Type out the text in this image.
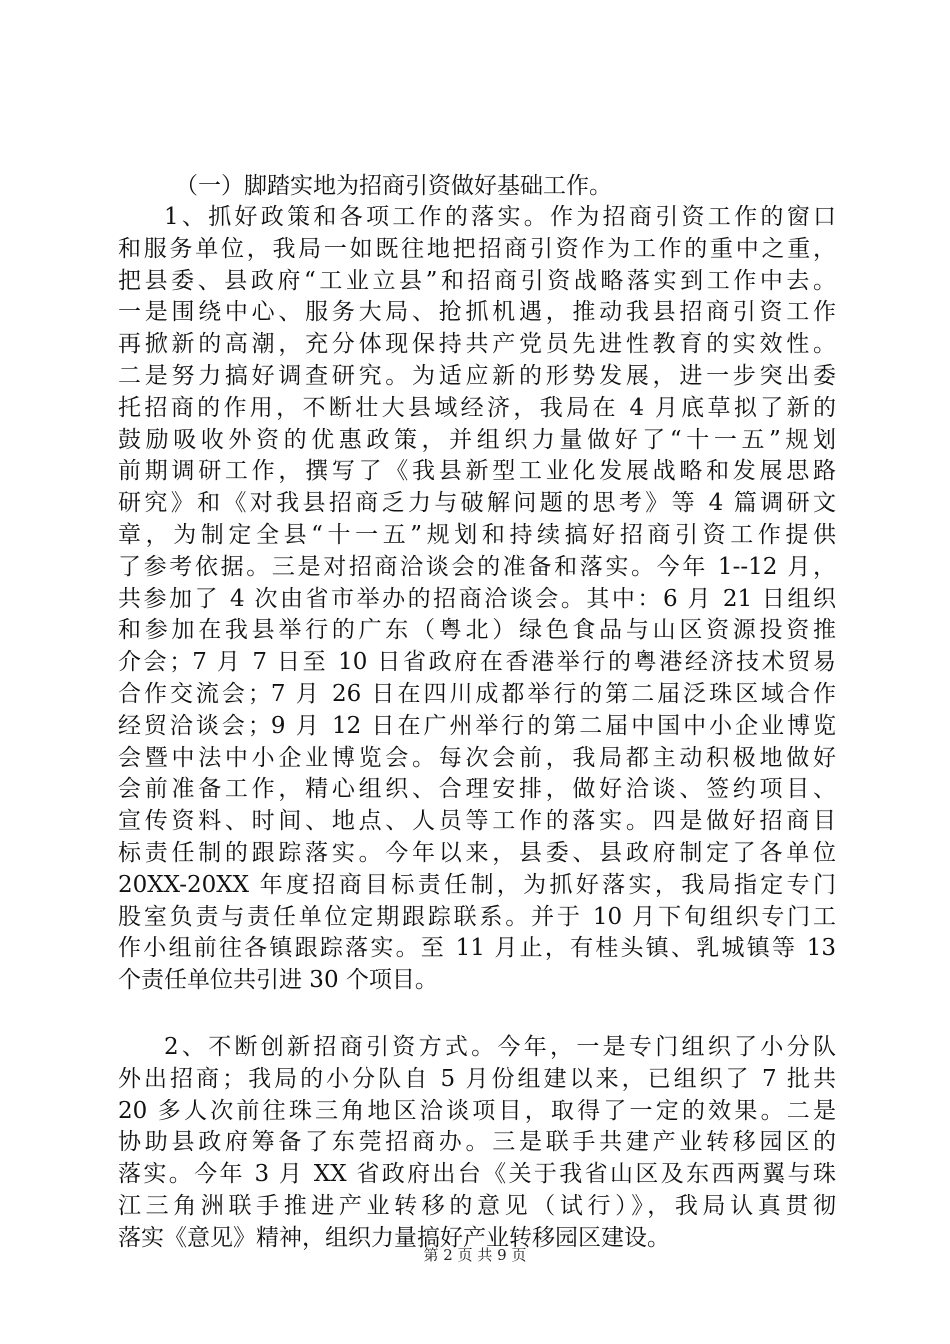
（一）脚踏实地为招商引资做好基础工作。
1、抓好政策和各项工作的落实。作为招商引资工作的窗口
和服务单位，我局一如既往地把招商引资作为工作的重中之重，
把县委、县政府“工业立县”和招商引资战略落实到工作中去。
一是围绕中心、服务大局、抢抓机遇，推动我县招商引资工作
再掀新的高潮，充分体现保持共产党员先进性教育的实效性。
二是努力搞好调查研究。为适应新的形势发展，进一步突出委
托招商的作用，不断壮大县域经济，我局在 4 月底草拟了新的
鼓励吸收外资的优惠政策，并组织力量做好了“十一五”规划
前期调研工作，撰写了《我县新型工业化发展战略和发展思路
研究》和《对我县招商乏力与破解问题的思考》等 4 篇调研文
章，为制定全县“十一五”规划和持续搞好招商引资工作提供
了参考依据。三是对招商洽谈会的准备和落实。今年 1--12 月，
共参加了 4 次由省市举办的招商洽谈会。其中：6 月 21 日组织
和参加在我县举行的广东（粤北）绿色食品与山区资源投资推
介会；7 月 7 日至 10 日省政府在香港举行的粤港经济技术贸易
合作交流会；7 月 26 日在四川成都举行的第二届泛珠区域合作
经贸洽谈会；9 月 12 日在广州举行的第二届中国中小企业博览
会暨中法中小企业博览会。每次会前，我局都主动积极地做好
会前准备工作，精心组织、合理安排，做好洽谈、签约项目、
宣传资料、时间、地点、人员等工作的落实。四是做好招商目
标责任制的跟踪落实。今年以来，县委、县政府制定了各单位
20XX-20XX 年度招商目标责任制，为抓好落实，我局指定专门
股室负责与责任单位定期跟踪联系。并于 10 月下旬组织专门工
作小组前往各镇跟踪落实。至 11 月止，有桂头镇、乳城镇等 13
个责任单位共引进 30 个项目。
2、不断创新招商引资方式。今年，一是专门组织了小分队
外出招商；我局的小分队自 5 月份组建以来，已组织了 7 批共
20 多人次前往珠三角地区洽谈项目，取得了一定的效果。二是
协助县政府筹备了东莞招商办。三是联手共建产业转移园区的
落实。今年 3 月 XX 省政府出台《关于我省山区及东西两翼与珠
江三角洲联手推进产业转移的意见（试行）》，我局认真贯彻
落实《意见》精神，组织力量搞好产业转移园区建设。
第 2 页 共 9 页
